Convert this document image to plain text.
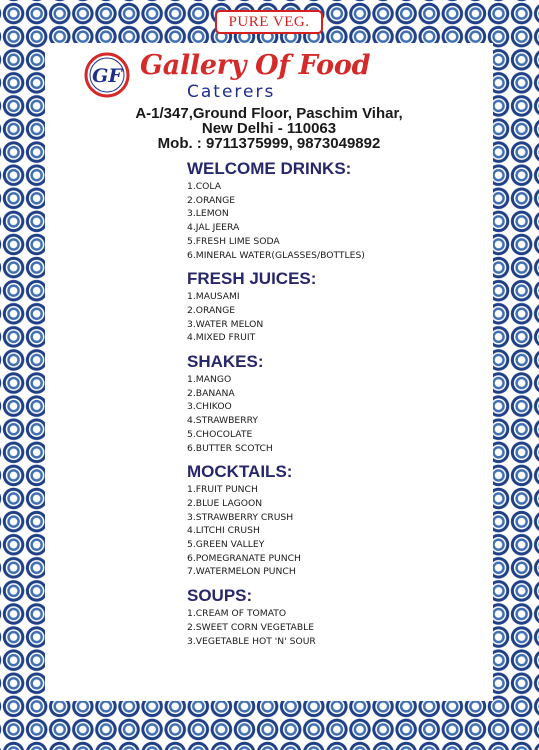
PURE VEG.
GF Gallery Of Food
Caterers
A-1/347,Ground Floor, Paschim Vihar,
New Delhi - 110063
Mob. : 9711375999, 9873049892
WELCOME DRINKS:
1.COLA
2.ORANGE
3.LEMON
4.JAL JEERA
5.FRESH LIME SODA
6.MINERAL WATER(GLASSES/BOTTLES)
FRESH JUICES:
1.MAUSAMI
2.ORANGE
3.WATER MELON
4.MIXED FRUIT
SHAKES:
1.MANGO
2.BANANA
3.CHIKOO
4.STRAWBERRY
5.CHOCOLATE
6.BUTTER SCOTCH
MOCKTAILS:
1.FRUIT PUNCH
2.BLUE LAGOON
3.STRAWBERRY CRUSH
4.LITCHI CRUSH
5.GREEN VALLEY
6.POMEGRANATE PUNCH
7.WATERMELON PUNCH
SOUPS:
1.CREAM OF TOMATO
2.SWEET CORN VEGETABLE
3.VEGETABLE HOT 'N' SOUR
